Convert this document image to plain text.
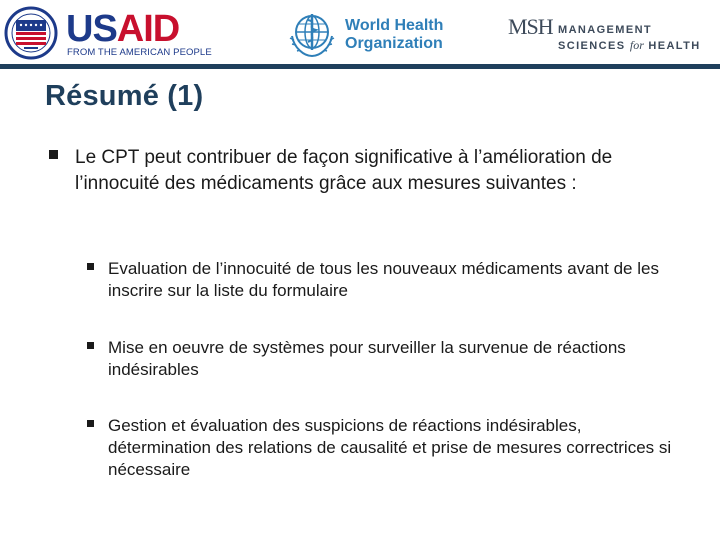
USAID
FROM THE AMERICAN PEOPLE
World Health
Organization
MSH MANAGEMENT
SCIENCES for HEALTH
Résumé (1)
Le CPT peut contribuer de façon significative à l’amélioration de l’innocuité des médicaments grâce aux mesures suivantes :
Evaluation de l’innocuité de tous les nouveaux médicaments avant de les inscrire sur la liste du formulaire
Mise en oeuvre de systèmes pour surveiller la survenue de réactions indésirables
Gestion et évaluation des suspicions de réactions indésirables, détermination des relations de causalité et prise de mesures correctrices si nécessaire
